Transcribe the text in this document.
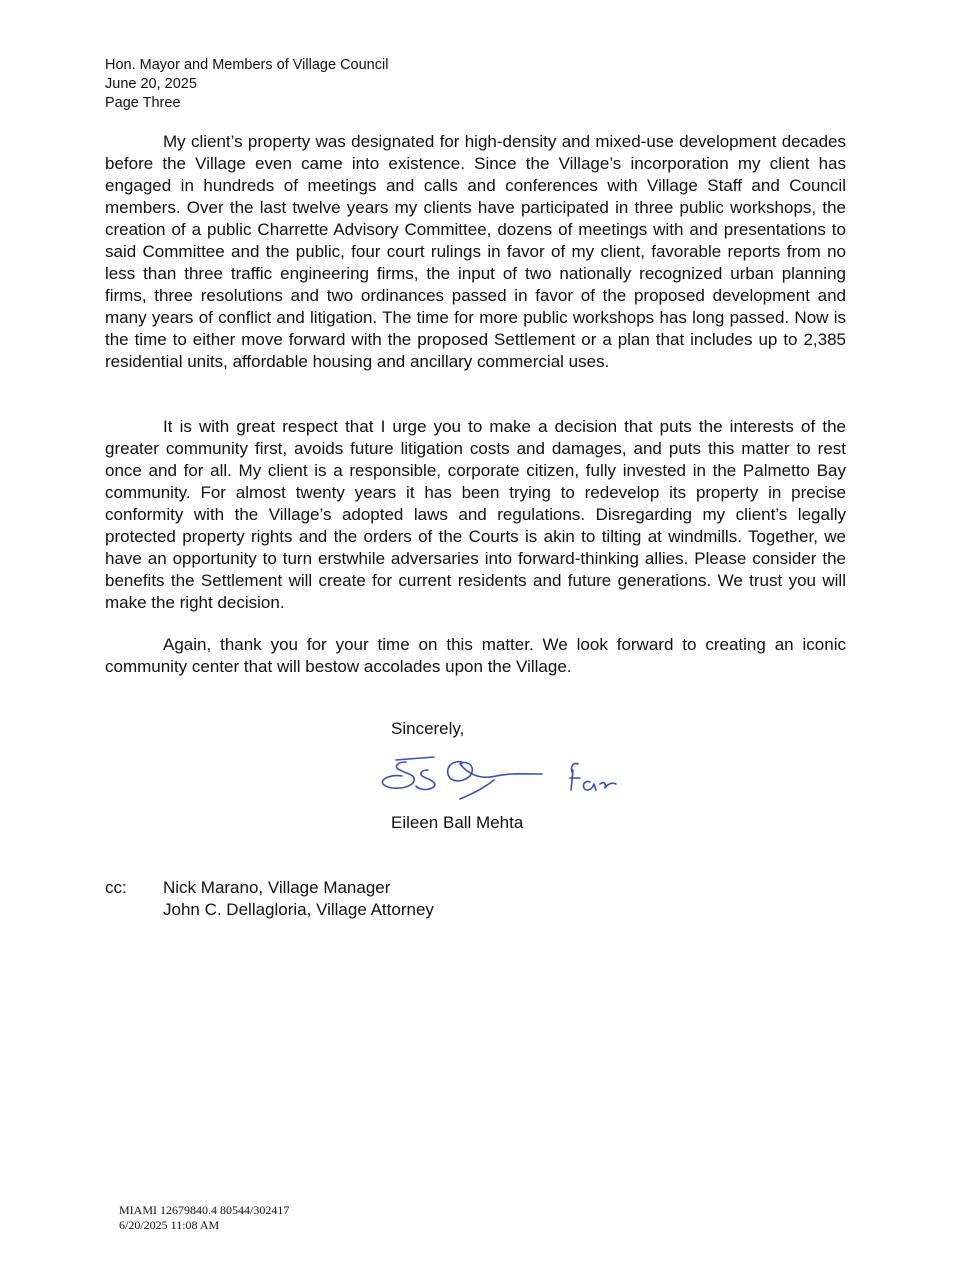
Hon. Mayor and Members of Village Council
June 20, 2025
Page Three

My client’s property was designated for high-density and mixed-use development decades before the Village even came into existence. Since the Village’s incorporation my client has engaged in hundreds of meetings and calls and conferences with Village Staff and Council members. Over the last twelve years my clients have participated in three public workshops, the creation of a public Charrette Advisory Committee, dozens of meetings with and presentations to said Committee and the public, four court rulings in favor of my client, favorable reports from no less than three traffic engineering firms, the input of two nationally recognized urban planning firms, three resolutions and two ordinances passed in favor of the proposed development and many years of conflict and litigation. The time for more public workshops has long passed. Now is the time to either move forward with the proposed Settlement or a plan that includes up to 2,385 residential units, affordable housing and ancillary commercial uses.

It is with great respect that I urge you to make a decision that puts the interests of the greater community first, avoids future litigation costs and damages, and puts this matter to rest once and for all. My client is a responsible, corporate citizen, fully invested in the Palmetto Bay community. For almost twenty years it has been trying to redevelop its property in precise conformity with the Village’s adopted laws and regulations. Disregarding my client’s legally protected property rights and the orders of the Courts is akin to tilting at windmills. Together, we have an opportunity to turn erstwhile adversaries into forward-thinking allies. Please consider the benefits the Settlement will create for current residents and future generations. We trust you will make the right decision.

Again, thank you for your time on this matter. We look forward to creating an iconic community center that will bestow accolades upon the Village.

Sincerely,
far
Eileen Ball Mehta
cc: Nick Marano, Village Manager
John C. Dellagloria, Village Attorney
MIAMI 12679840.4 80544/302417
6/20/2025 11:08 AM
